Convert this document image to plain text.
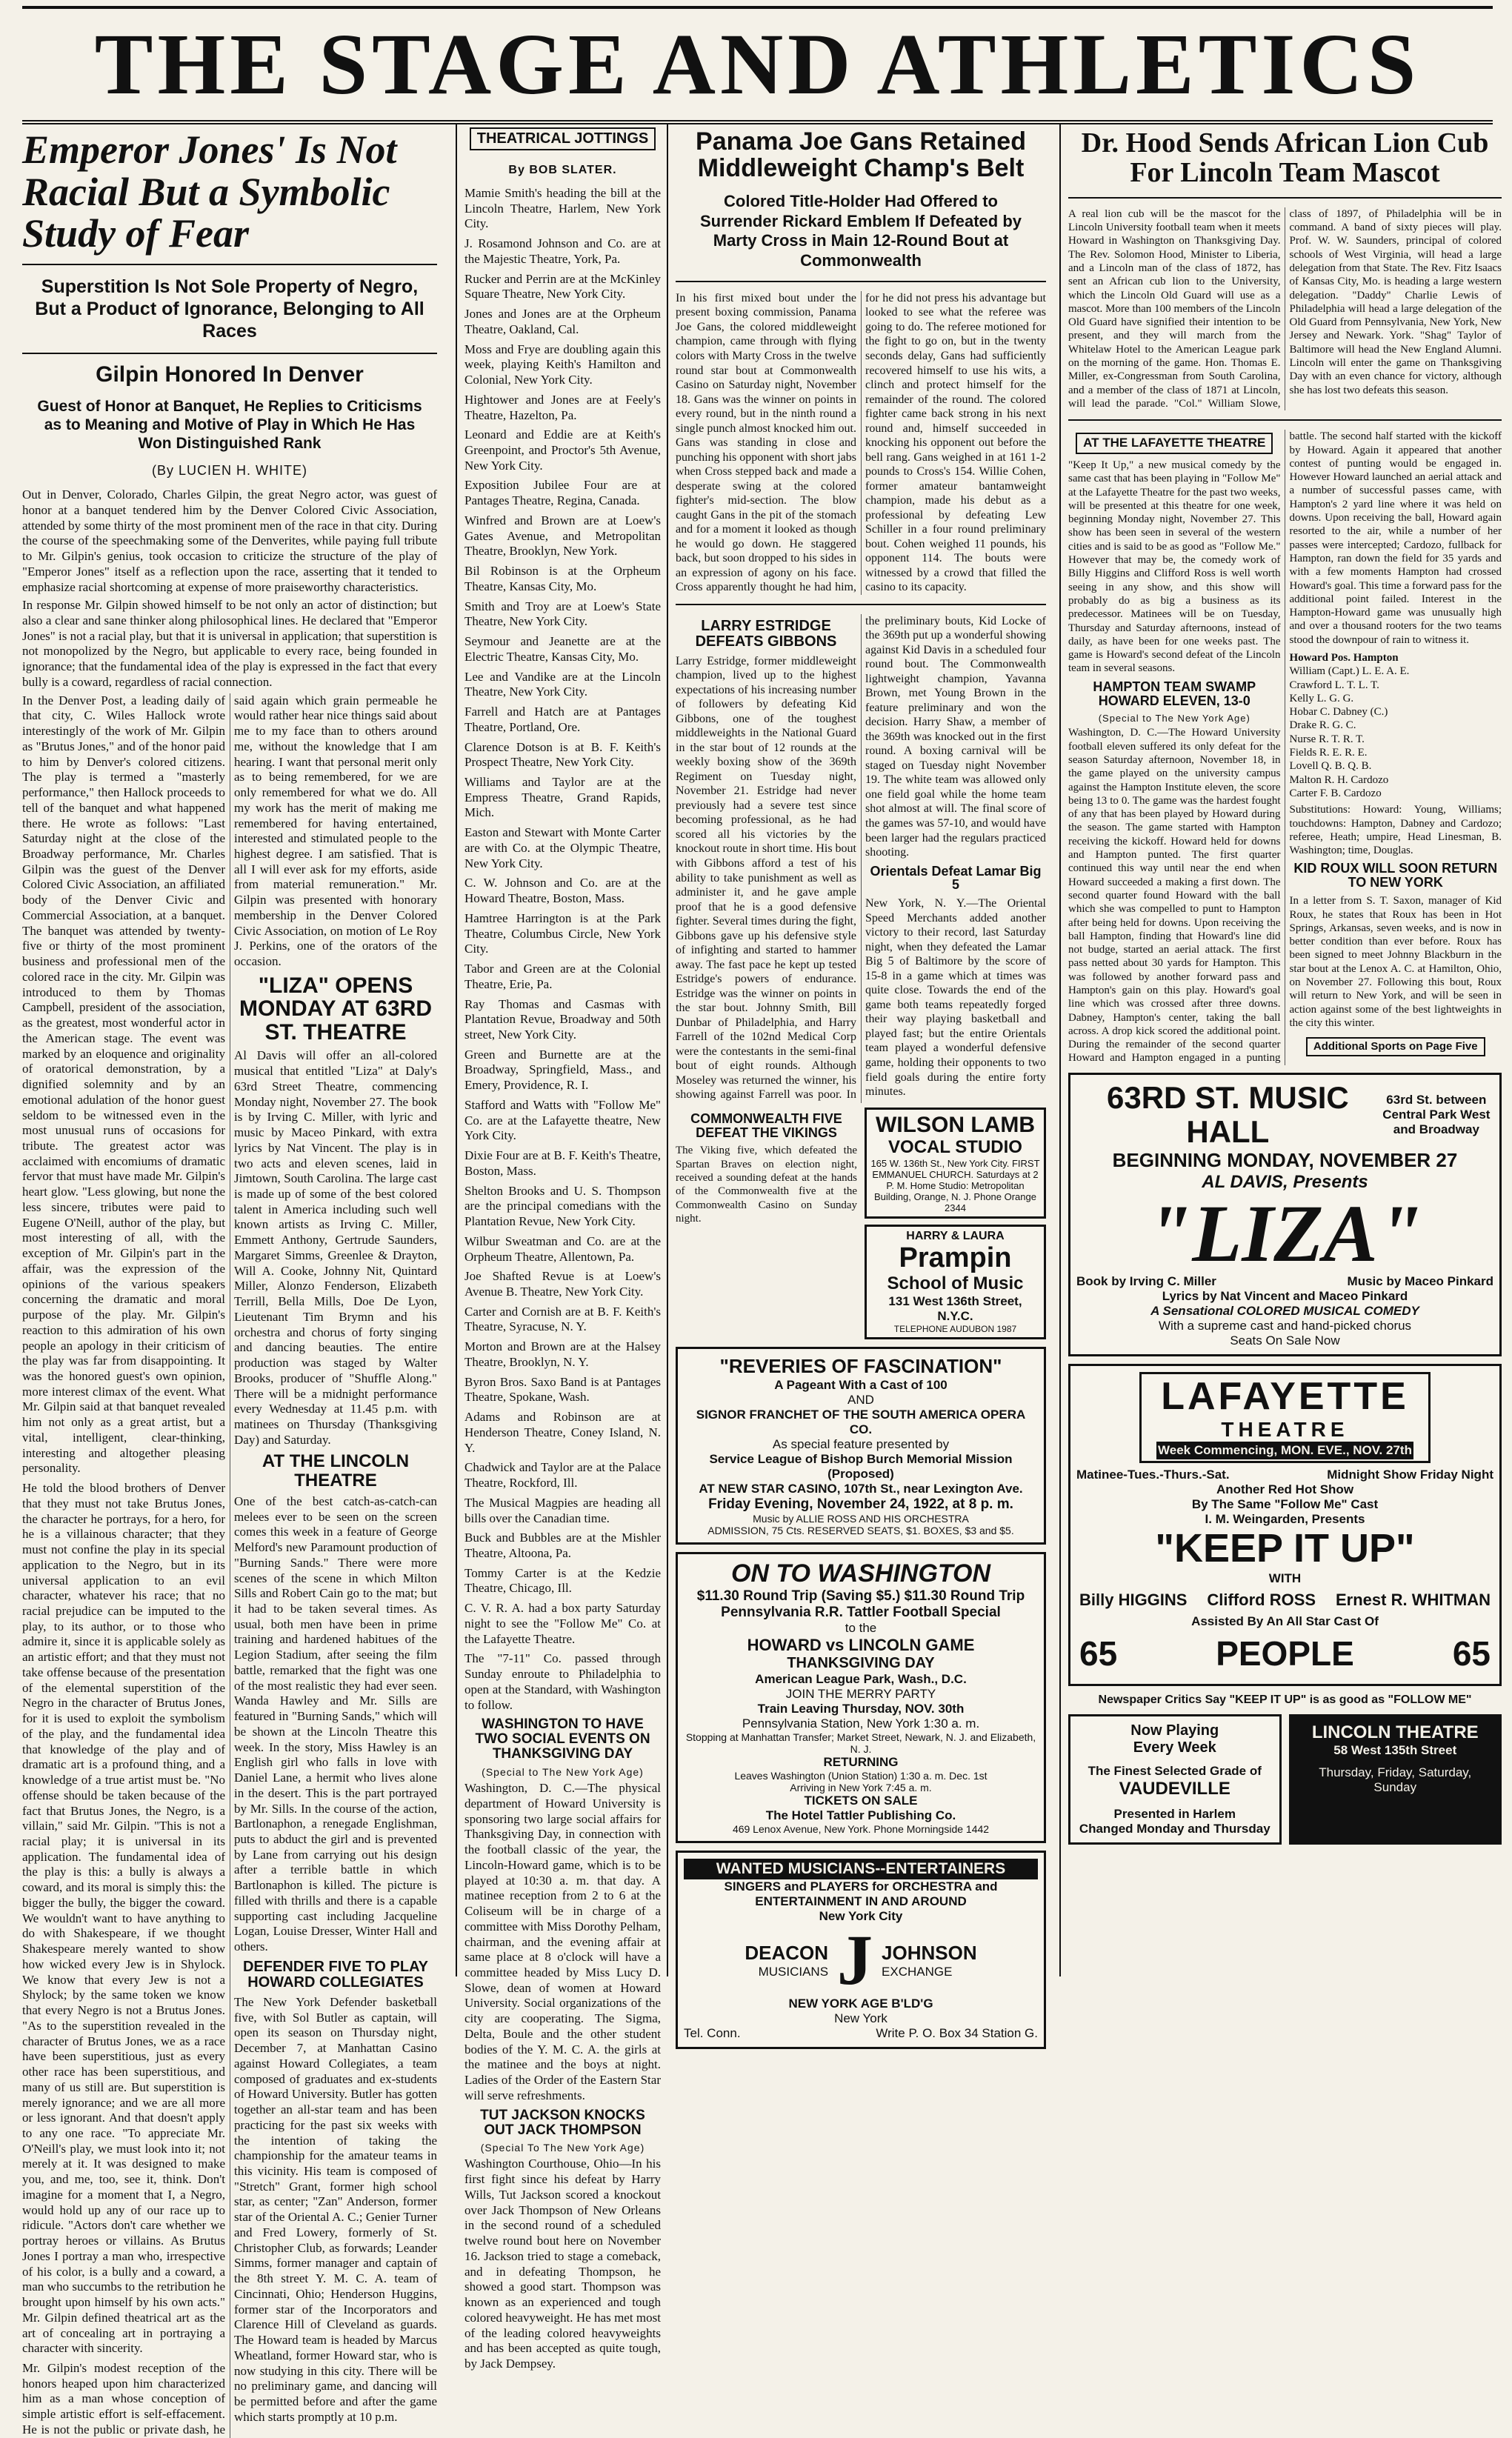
THE STAGE AND ATHLETICS
Emperor Jones' Is Not Racial But a Symbolic Study of Fear
Superstition Is Not Sole Property of Negro, But a Product of Ignorance, Belonging to All Races
Gilpin Honored In Denver
Guest of Honor at Banquet, He Replies to Criticisms as to Meaning and Motive of Play in Which He Has Won Distinguished Rank
(By LUCIEN H. WHITE)

Out in Denver, Colorado, Charles Gilpin, the great Negro actor, was guest of honor at a banquet tendered him by the Denver Colored Civic Association, attended by some thirty of the most prominent men of the race in that city. During the course of the speechmaking some of the Denverites, while paying full tribute to Mr. Gilpin's genius, took occasion to criticize the structure of the play of "Emperor Jones" itself as a reflection upon the race, asserting that it tended to emphasize racial shortcoming at expense of more praiseworthy characteristics.

In response Mr. Gilpin showed himself to be not only an actor of distinction; but also a clear and sane thinker along philosophical lines. He declared that "Emperor Jones" is not a racial play, but that it is universal in application; that superstition is not monopolized by the Negro, but applicable to every race, being founded in ignorance; that the fundamental idea of the play is expressed in the fact that every bully is a coward, regardless of racial connection.

In the Denver Post, a leading daily of that city, C. Wiles Hallock wrote interestingly of the work of Mr. Gilpin as "Brutus Jones," and of the honor paid to him by Denver's colored citizens. The play is termed a "masterly performance," then Hallock proceeds to tell of the banquet and what happened there. He wrote as follows: "Last Saturday night at the close of the Broadway performance, Mr. Charles Gilpin was the guest of the Denver Colored Civic Association, an affiliated body of the Denver Civic and Commercial Association, at a banquet. The banquet was attended by twenty-five or thirty of the most prominent business and professional men of the colored race in the city. Mr. Gilpin was introduced to them by Thomas Campbell, president of the association, as the greatest, most wonderful actor in the American stage. The event was marked by an eloquence and originality of oratorical demonstration, by a dignified solemnity and by an emotional adulation of the honor guest seldom to be witnessed even in the most unusual runs of occasions for tribute. The greatest actor was acclaimed with encomiums of dramatic fervor that must have made Mr. Gilpin's heart glow. "Less glowing, but none the less sincere, tributes were paid to Eugene O'Neill, author of the play, but most interesting of all, with the exception of Mr. Gilpin's part in the affair, was the expression of the opinions of the various speakers concerning the dramatic and moral purpose of the play. Mr. Gilpin's reaction to this admiration of his own people an apology in their criticism of the play was far from disappointing. It was the honored guest's own opinion, more interest climax of the event. What Mr. Gilpin said at that banquet revealed him not only as a great artist, but a vital, intelligent, clear-thinking, interesting and altogether pleasing personality.

He told the blood brothers of Denver that they must not take Brutus Jones, the character he portrays, for a hero, for he is a villainous character; that they must not confine the play in its special application to the Negro, but in its universal application to an evil character, whatever his race; that no racial prejudice can be imputed to the play, to its author, or to those who admire it, since it is applicable solely as an artistic effort; and that they must not take offense because of the presentation of the elemental superstition of the Negro in the character of Brutus Jones, for it is used to exploit the symbolism of the play, and the fundamental idea that knowledge of the play and of dramatic art is a profound thing, and a knowledge of a true artist must be. "No offense should be taken because of the fact that Brutus Jones, the Negro, is a villain," said Mr. Gilpin. "This is not a racial play; it is universal in its application. The fundamental idea of the play is this: a bully is always a coward, and its moral is simply this: the bigger the bully, the bigger the coward. We wouldn't want to have anything to do with Shakespeare, if we thought Shakespeare merely wanted to show how wicked every Jew is in Shylock. We know that every Jew is not a Shylock; by the same token we know that every Negro is not a Brutus Jones. "As to the superstition revealed in the character of Brutus Jones, we as a race have been superstitious, just as every other race has been superstitious, and many of us still are. But superstition is merely ignorance; and we are all more or less ignorant. And that doesn't apply to any one race. "To appreciate Mr. O'Neill's play, we must look into it; not merely at it. It was designed to make you, and me, too, see it, think. Don't imagine for a moment that I, a Negro, would hold up any of our race up to ridicule. "Actors don't care whether we portray heroes or villains. As Brutus Jones I portray a man who, irrespective of his color, is a bully and a coward, a man who succumbs to the retribution he brought upon himself by his own acts." Mr. Gilpin defined theatrical art as the art of concealing art in portraying a character with sincerity.

Mr. Gilpin's modest reception of the honors heaped upon him characterized him as a man whose conception of simple artistic effort is self-effacement. He is not the public or private dash, he said again which grain permeable he would rather hear nice things said about me to my face than to others around me, without the knowledge that I am hearing. I want that personal merit only as to being remembered, for we are only remembered for what we do. All my work has the merit of making me remembered for having entertained, interested and stimulated people to the highest degree. I am satisfied. That is all I will ever ask for my efforts, aside from material remuneration." Mr. Gilpin was presented with honorary membership in the Denver Colored Civic Association, on motion of Le Roy J. Perkins, one of the orators of the occasion.

"LIZA" OPENS MONDAY AT 63RD ST. THEATRE

Al Davis will offer an all-colored musical that entitled "Liza" at Daly's 63rd Street Theatre, commencing Monday night, November 27. The book is by Irving C. Miller, with lyric and music by Maceo Pinkard, with extra lyrics by Nat Vincent. The play is in two acts and eleven scenes, laid in Jimtown, South Carolina. The large cast is made up of some of the best colored talent in America including such well known artists as Irving C. Miller, Emmett Anthony, Gertrude Saunders, Margaret Simms, Greenlee & Drayton, Will A. Cooke, Johnny Nit, Quintard Miller, Alonzo Fenderson, Elizabeth Terrill, Bella Mills, Doe De Lyon, Lieutenant Tim Brymn and his orchestra and chorus of forty singing and dancing beauties. The entire production was staged by Walter Brooks, producer of "Shuffle Along." There will be a midnight performance every Wednesday at 11.45 p.m. with matinees on Thursday (Thanksgiving Day) and Saturday.

AT THE LINCOLN THEATRE

One of the best catch-as-catch-can melees ever to be seen on the screen comes this week in a feature of George Melford's new Paramount production of "Burning Sands." There were more scenes of the scene in which Milton Sills and Robert Cain go to the mat; but it had to be taken several times. As usual, both men have been in prime training and hardened habitues of the Legion Stadium, after seeing the film battle, remarked that the fight was one of the most realistic they had ever seen. Wanda Hawley and Mr. Sills are featured in "Burning Sands," which will be shown at the Lincoln Theatre this week. In the story, Miss Hawley is an English girl who falls in love with Daniel Lane, a hermit who lives alone in the desert. This is the part portrayed by Mr. Sills. In the course of the action, Bartlonaphon, a renegade Englishman, puts to abduct the girl and is prevented by Lane from carrying out his design after a terrible battle in which Bartlonaphon is killed. The picture is filled with thrills and there is a capable supporting cast including Jacqueline Logan, Louise Dresser, Winter Hall and others.

DEFENDER FIVE TO PLAY HOWARD COLLEGIATES

The New York Defender basketball five, with Sol Butler as captain, will open its season on Thursday night, December 7, at Manhattan Casino against Howard Collegiates, a team composed of graduates and ex-students of Howard University. Butler has gotten together an all-star team and has been practicing for the past six weeks with the intention of taking the championship for the amateur teams in this vicinity. His team is composed of "Stretch" Grant, former high school star, as center; "Zan" Anderson, former star of the Oriental A. C.; Genier Turner and Fred Lowery, formerly of St. Christopher Club, as forwards; Leander Simms, former manager and captain of the 8th street Y. M. C. A. team of Cincinnati, Ohio; Henderson Huggins, former star of the Incorporators and Clarence Hill of Cleveland as guards. The Howard team is headed by Marcus Wheatland, former Howard star, who is now studying in this city. There will be no preliminary game, and dancing will be permitted before and after the game which starts promptly at 10 p.m.

THEATRICAL JOTTINGS
By BOB SLATER.

Mamie Smith's heading the bill at the Lincoln Theatre, Harlem, New York City.

J. Rosamond Johnson and Co. are at the Majestic Theatre, York, Pa.

Rucker and Perrin are at the McKinley Square Theatre, New York City.

Jones and Jones are at the Orpheum Theatre, Oakland, Cal.

Moss and Frye are doubling again this week, playing Keith's Hamilton and Colonial, New York City.

Hightower and Jones are at Feely's Theatre, Hazelton, Pa.

Leonard and Eddie are at Keith's Greenpoint, and Proctor's 5th Avenue, New York City.

Exposition Jubilee Four are at Pantages Theatre, Regina, Canada.

Winfred and Brown are at Loew's Gates Avenue, and Metropolitan Theatre, Brooklyn, New York.

Bil Robinson is at the Orpheum Theatre, Kansas City, Mo.

Smith and Troy are at Loew's State Theatre, New York City.

Seymour and Jeanette are at the Electric Theatre, Kansas City, Mo.

Lee and Vandike are at the Lincoln Theatre, New York City.

Farrell and Hatch are at Pantages Theatre, Portland, Ore.

Clarence Dotson is at B. F. Keith's Prospect Theatre, New York City.

Williams and Taylor are at the Empress Theatre, Grand Rapids, Mich.

Easton and Stewart with Monte Carter are with Co. at the Olympic Theatre, New York City.

C. W. Johnson and Co. are at the Howard Theatre, Boston, Mass.

Hamtree Harrington is at the Park Theatre, Columbus Circle, New York City.

Tabor and Green are at the Colonial Theatre, Erie, Pa.

Ray Thomas and Casmas with Plantation Revue, Broadway and 50th street, New York City.

Green and Burnette are at the Broadway, Springfield, Mass., and Emery, Providence, R. I.

Stafford and Watts with "Follow Me" Co. are at the Lafayette theatre, New York City.

Dixie Four are at B. F. Keith's Theatre, Boston, Mass.

Shelton Brooks and U. S. Thompson are the principal comedians with the Plantation Revue, New York City.

Wilbur Sweatman and Co. are at the Orpheum Theatre, Allentown, Pa.

Joe Shafted Revue is at Loew's Avenue B. Theatre, New York City.

Carter and Cornish are at B. F. Keith's Theatre, Syracuse, N. Y.

Morton and Brown are at the Halsey Theatre, Brooklyn, N. Y.

Byron Bros. Saxo Band is at Pantages Theatre, Spokane, Wash.

Adams and Robinson are at Henderson Theatre, Coney Island, N. Y.

Chadwick and Taylor are at the Palace Theatre, Rockford, Ill.

The Musical Magpies are heading all bills over the Canadian time.

Buck and Bubbles are at the Mishler Theatre, Altoona, Pa.

Tommy Carter is at the Kedzie Theatre, Chicago, Ill.

C. V. R. A. had a box party Saturday night to see the "Follow Me" Co. at the Lafayette Theatre.

The "7-11" Co. passed through Sunday enroute to Philadelphia to open at the Standard, with Washington to follow.

WASHINGTON TO HAVE TWO SOCIAL EVENTS ON THANKSGIVING DAY
(Special to The New York Age)

Washington, D. C.—The physical department of Howard University is sponsoring two large social affairs for Thanksgiving Day, in connection with the football classic of the year, the Lincoln-Howard game, which is to be played at 10:30 a. m. that day. A matinee reception from 2 to 6 at the Coliseum will be in charge of a committee with Miss Dorothy Pelham, chairman, and the evening affair at same place at 8 o'clock will have a committee headed by Miss Lucy D. Slowe, dean of women at Howard University. Social organizations of the city are cooperating. The Sigma, Delta, Boule and the other student bodies of the Y. M. C. A. the girls at the matinee and the boys at night. Ladies of the Order of the Eastern Star will serve refreshments.

TUT JACKSON KNOCKS OUT JACK THOMPSON
(Special To The New York Age)

Washington Courthouse, Ohio—In his first fight since his defeat by Harry Wills, Tut Jackson scored a knockout over Jack Thompson of New Orleans in the second round of a scheduled twelve round bout here on November 16. Jackson tried to stage a comeback, and in defeating Thompson, he showed a good start. Thompson was known as an experienced and tough colored heavyweight. He has met most of the leading colored heavyweights and has been accepted as quite tough, by Jack Dempsey.

Panama Joe Gans Retained Middleweight Champ's Belt
Colored Title-Holder Had Offered to Surrender Rickard Emblem If Defeated by Marty Cross in Main 12-Round Bout at Commonwealth

In his first mixed bout under the present boxing commission, Panama Joe Gans, the colored middleweight champion, came through with flying colors with Marty Cross in the twelve round star bout at Commonwealth Casino on Saturday night, November 18. Gans was the winner on points in every round, but in the ninth round a single punch almost knocked him out. Gans was standing in close and punching his opponent with short jabs when Cross stepped back and made a desperate swing at the colored fighter's mid-section. The blow caught Gans in the pit of the stomach and for a moment it looked as though he would go down. He staggered back, but soon dropped to his sides in an expression of agony on his face. Cross apparently thought he had him, for he did not press his advantage but looked to see what the referee was going to do. The referee motioned for the fight to go on, but in the twenty seconds delay, Gans had sufficiently recovered himself to use his wits, a clinch and protect himself for the remainder of the round. The colored fighter came back strong in his next round and, himself succeeded in knocking his opponent out before the bell rang. Gans weighed in at 161 1-2 pounds to Cross's 154. Willie Cohen, former amateur bantamweight champion, made his debut as a professional by defeating Lew Schiller in a four round preliminary bout. Cohen weighed 11 pounds, his opponent 114. The bouts were witnessed by a crowd that filled the casino to its capacity.

LARRY ESTRIDGE DEFEATS GIBBONS

Larry Estridge, former middleweight champion, lived up to the highest expectations of his increasing number of followers by defeating Kid Gibbons, one of the toughest middleweights in the National Guard in the star bout of 12 rounds at the weekly boxing show of the 369th Regiment on Tuesday night, November 21. Estridge had never previously had a severe test since becoming professional, as he had scored all his victories by the knockout route in short time. His bout with Gibbons afford a test of his ability to take punishment as well as administer it, and he gave ample proof that he is a good defensive fighter. Several times during the fight, Gibbons gave up his defensive style of infighting and started to hammer away. The fast pace he kept up tested Estridge's powers of endurance. Estridge was the winner on points in the star bout. Johnny Smith, Bill Dunbar of Philadelphia, and Harry Farrell of the 102nd Medical Corp were the contestants in the semi-final bout of eight rounds. Although Moseley was returned the winner, his showing against Farrell was poor. In the preliminary bouts, Kid Locke of the 369th put up a wonderful showing against Kid Davis in a scheduled four round bout. The Commonwealth lightweight champion, Yavanna Brown, met Young Brown in the feature preliminary and won the decision. Harry Shaw, a member of the 369th was knocked out in the first round. A boxing carnival will be staged on Tuesday night November 19. The white team was allowed only one field goal while the home team shot almost at will. The final score of the games was 57-10, and would have been larger had the regulars practiced shooting.

Orientals Defeat Lamar Big 5

New York, N. Y.—The Oriental Speed Merchants added another victory to their record, last Saturday night, when they defeated the Lamar Big 5 of Baltimore by the score of 15-8 in a game which at times was quite close. Towards the end of the game both teams repeatedly forged their way playing basketball and played fast; but the entire Orientals team played a wonderful defensive game, holding their opponents to two field goals during the entire forty minutes.

COMMONWEALTH FIVE DEFEAT THE VIKINGS

The Viking five, which defeated the Spartan Braves on election night, received a sounding defeat at the hands of the Commonwealth five at the Commonwealth Casino on Sunday night.

WILSON LAMB
VOCAL STUDIO
165 W. 136th St., New York City. FIRST EMMANUEL CHURCH. Saturdays at 2 P. M. Home Studio: Metropolitan Building, Orange, N. J. Phone Orange 2344
HARRY & LAURA
Prampin
School of Music
131 West 136th Street, N.Y.C.
TELEPHONE AUDUBON 1987
"REVERIES OF FASCINATION"
A Pageant With a Cast of 100
AND
SIGNOR FRANCHET OF THE SOUTH AMERICA OPERA CO.
As special feature presented by
Service League of Bishop Burch Memorial Mission (Proposed)
AT NEW STAR CASINO, 107th St., near Lexington Ave.
Friday Evening, November 24, 1922, at 8 p. m.
Music by ALLIE ROSS AND HIS ORCHESTRA
ADMISSION, 75 Cts. RESERVED SEATS, $1. BOXES, $3 and $5.
ON TO WASHINGTON
$11.30 Round Trip (Saving $5.) $11.30 Round Trip
Pennsylvania R.R. Tattler Football Special
to the
HOWARD vs LINCOLN GAME
THANKSGIVING DAY
American League Park, Wash., D.C.
JOIN THE MERRY PARTY
Train Leaving Thursday, NOV. 30th
Pennsylvania Station, New York 1:30 a. m.
Stopping at Manhattan Transfer; Market Street, Newark, N. J. and Elizabeth, N. J.
RETURNING
Leaves Washington (Union Station) 1:30 a. m. Dec. 1st
Arriving in New York 7:45 a. m.
TICKETS ON SALE
The Hotel Tattler Publishing Co.
469 Lenox Avenue, New York. Phone Morningside 1442
WANTED MUSICIANS--ENTERTAINERS
SINGERS and PLAYERS for ORCHESTRA and ENTERTAINMENT IN AND AROUND
New York City
DEACON
MUSICIANS J JOHNSON
EXCHANGE
NEW YORK AGE B'LD'G
New York
Tel. Conn.	Write P. O. Box 34 Station G.
Dr. Hood Sends African Lion Cub For Lincoln Team Mascot

A real lion cub will be the mascot for the Lincoln University football team when it meets Howard in Washington on Thanksgiving Day. The Rev. Solomon Hood, Minister to Liberia, and a Lincoln man of the class of 1872, has sent an African cub lion to the University, which the Lincoln Old Guard will use as a mascot. More than 100 members of the Lincoln Old Guard have signified their intention to be present, and they will march from the Whitelaw Hotel to the American League park on the morning of the game. Hon. Thomas E. Miller, ex-Congressman from South Carolina, and a member of the class of 1871 at Lincoln, will lead the parade. "Col." William Slowe, class of 1897, of Philadelphia will be in command. A band of sixty pieces will play. Prof. W. W. Saunders, principal of colored schools of West Virginia, will head a large delegation from that State. The Rev. Fitz Isaacs of Kansas City, Mo. is heading a large western delegation. "Daddy" Charlie Lewis of Philadelphia will head a large delegation of the Old Guard from Pennsylvania, New York, New Jersey and Newark. York. "Shag" Taylor of Baltimore will head the New England Alumni. Lincoln will enter the game on Thanksgiving Day with an even chance for victory, although she has lost two defeats this season.

AT THE LAFAYETTE THEATRE

"Keep It Up," a new musical comedy by the same cast that has been playing in "Follow Me" at the Lafayette Theatre for the past two weeks, will be presented at this theatre for one week, beginning Monday night, November 27. This show has been seen in several of the western cities and is said to be as good as "Follow Me." However that may be, the comedy work of Billy Higgins and Clifford Ross is well worth seeing in any show, and this show will probably do as big a business as its predecessor. Matinees will be on Tuesday, Thursday and Saturday afternoons, instead of daily, as have been for one weeks past. The game is Howard's second defeat of the Lincoln team in several seasons.

HAMPTON TEAM SWAMP HOWARD ELEVEN, 13-0
(Special to The New York Age)

Washington, D. C.—The Howard University football eleven suffered its only defeat for the season Saturday afternoon, November 18, in the game played on the university campus against the Hampton Institute eleven, the score being 13 to 0. The game was the hardest fought of any that has been played by Howard during the season. The game started with Hampton receiving the kickoff. Howard held for downs and Hampton punted. The first quarter continued this way until near the end when Howard succeeded a making a first down. The second quarter found Howard with the ball which she was compelled to punt to Hampton after being held for downs. Upon receiving the ball Hampton, finding that Howard's line did not budge, started an aerial attack. The first pass netted about 30 yards for Hampton. This was followed by another forward pass and Hampton's gain on this play. Howard's goal line which was crossed after three downs. Dabney, Hampton's center, taking the ball across. A drop kick scored the additional point. During the remainder of the second quarter Howard and Hampton engaged in a punting battle. The second half started with the kickoff by Howard. Again it appeared that another contest of punting would be engaged in. However Howard launched an aerial attack and a number of successful passes came, with Hampton's 2 yard line where it was held on downs. Upon receiving the ball, Howard again resorted to the air, while a number of her passes were intercepted; Cardozo, fullback for Hampton, ran down the field for 35 yards and with a few moments Hampton had crossed Howard's goal. This time a forward pass for the additional point failed. Interest in the Hampton-Howard game was unusually high and over a thousand rooters for the two teams stood the downpour of rain to witness it.

Howard Pos. Hampton
William (Capt.) L. E. A. E.
Crawford L. T. L. T.
Kelly L. G. G.
Hobar C. Dabney (C.)
Drake R. G. C.
Nurse R. T. R. T.
Fields R. E. R. E.
Lovell Q. B. Q. B.
Malton R. H. Cardozo
Carter F. B. Cardozo

Substitutions: Howard: Young, Williams; touchdowns: Hampton, Dabney and Cardozo; referee, Heath; umpire, Head Linesman, B. Washington; time, Douglas.

KID ROUX WILL SOON RETURN TO NEW YORK

In a letter from S. T. Saxon, manager of Kid Roux, he states that Roux has been in Hot Springs, Arkansas, seven weeks, and is now in better condition than ever before. Roux has been signed to meet Johnny Blackburn in the star bout at the Lenox A. C. at Hamilton, Ohio, on November 27. Following this bout, Roux will return to New York, and will be seen in action against some of the best lightweights in the city this winter.

Additional Sports on Page Five
63RD ST. MUSIC HALL
63rd St. between Central Park West and Broadway
BEGINNING MONDAY, NOVEMBER 27
AL DAVIS, Presents
"LIZA"
Book by Irving C. Miller	Music by Maceo Pinkard
Lyrics by Nat Vincent and Maceo Pinkard
A Sensational COLORED MUSICAL COMEDY
With a supreme cast and hand-picked chorus
Seats On Sale Now
LAFAYETTE
THEATRE
Week Commencing, MON. EVE., NOV. 27th
Matinee-Tues.-Thurs.-Sat.	Midnight Show Friday Night
Another Red Hot Show
By The Same "Follow Me" Cast
I. M. Weingarden, Presents
"KEEP IT UP"
WITH
Billy HIGGINS Clifford ROSS Ernest R. WHITMAN
Assisted By An All Star Cast Of
65	PEOPLE	65
Newspaper Critics Say "KEEP IT UP" is as good as "FOLLOW ME"
Now Playing
Every Week
The Finest Selected Grade of
VAUDEVILLE
Presented in Harlem
Changed Monday and Thursday
LINCOLN THEATRE
58 West 135th Street
Thursday, Friday, Saturday, Sunday
